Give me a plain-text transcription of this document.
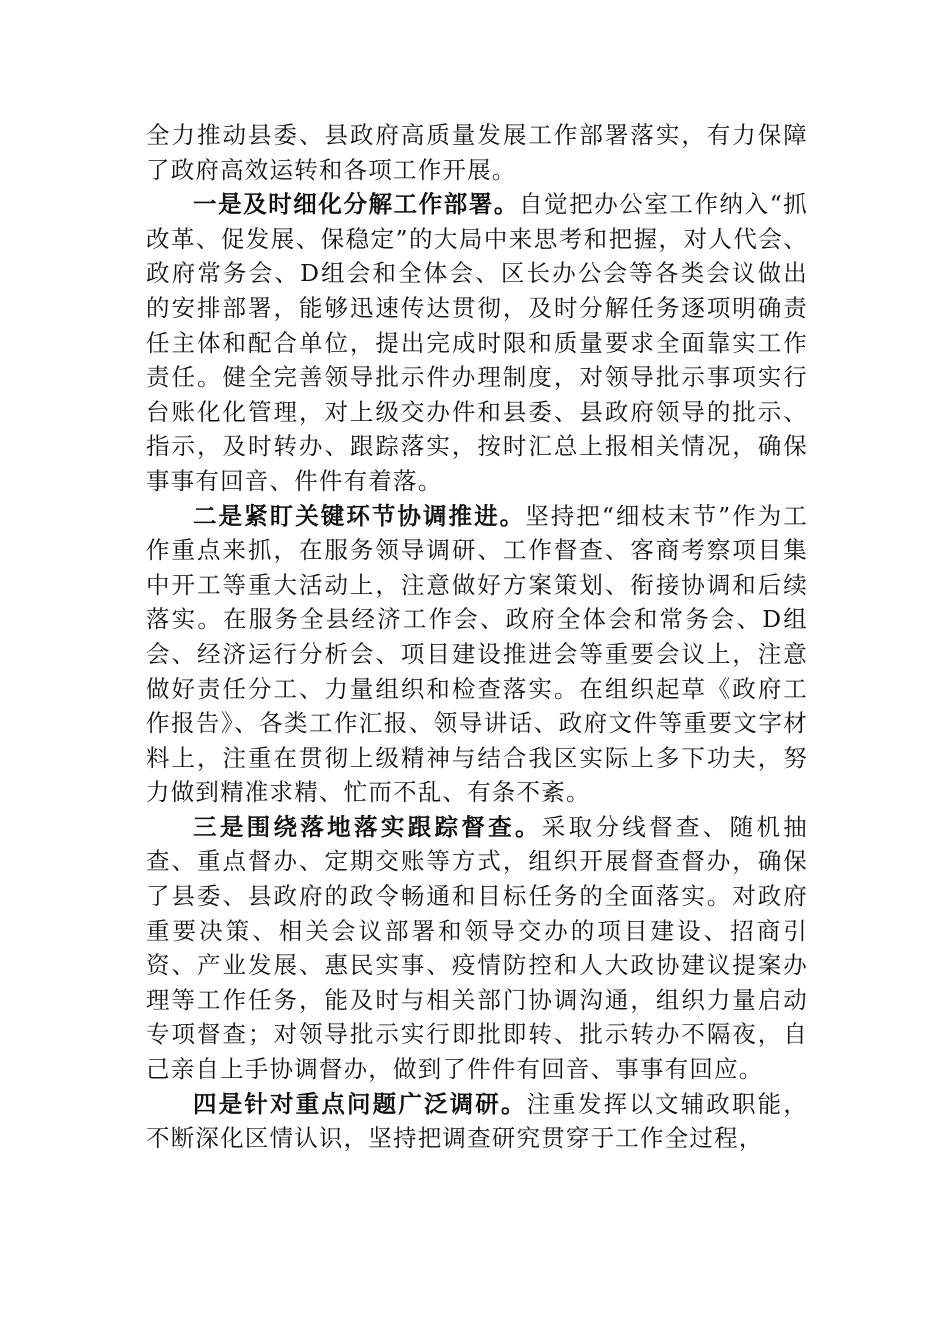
全力推动县委、县政府高质量发展工作部署落实，有力保障了政府高效运转和各项工作开展。

一是及时细化分解工作部署。自觉把办公室工作纳入“抓改革、促发展、保稳定”的大局中来思考和把握，对人代会、政府常务会、D组会和全体会、区长办公会等各类会议做出的安排部署，能够迅速传达贯彻，及时分解任务逐项明确责任主体和配合单位，提出完成时限和质量要求全面靠实工作责任。健全完善领导批示件办理制度，对领导批示事项实行台账化化管理，对上级交办件和县委、县政府领导的批示、指示，及时转办、跟踪落实，按时汇总上报相关情况，确保事事有回音、件件有着落。

二是紧盯关键环节协调推进。坚持把“细枝末节”作为工作重点来抓，在服务领导调研、工作督查、客商考察项目集中开工等重大活动上，注意做好方案策划、衔接协调和后续落实。在服务全县经济工作会、政府全体会和常务会、D组会、经济运行分析会、项目建设推进会等重要会议上，注意做好责任分工、力量组织和检查落实。在组织起草《政府工作报告》、各类工作汇报、领导讲话、政府文件等重要文字材料上，注重在贯彻上级精神与结合我区实际上多下功夫，努力做到精准求精、忙而不乱、有条不紊。

三是围绕落地落实跟踪督查。采取分线督查、随机抽查、重点督办、定期交账等方式，组织开展督查督办，确保了县委、县政府的政令畅通和目标任务的全面落实。对政府重要决策、相关会议部署和领导交办的项目建设、招商引资、产业发展、惠民实事、疫情防控和人大政协建议提案办理等工作任务，能及时与相关部门协调沟通，组织力量启动专项督查；对领导批示实行即批即转、批示转办不隔夜，自己亲自上手协调督办，做到了件件有回音、事事有回应。

四是针对重点问题广泛调研。注重发挥以文辅政职能，不断深化区情认识，坚持把调查研究贯穿于工作全过程，
